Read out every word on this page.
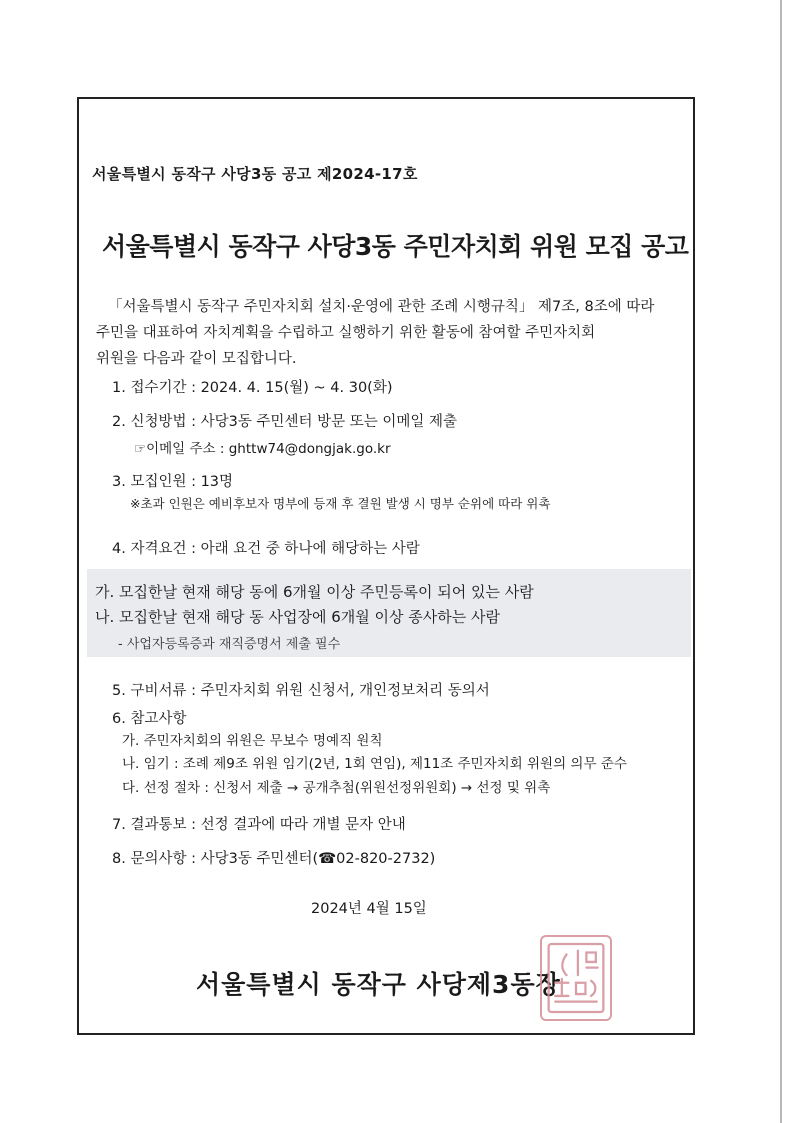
서울특별시 동작구 사당3동 공고 제2024-17호
서울특별시 동작구 사당3동 주민자치회 위원 모집 공고
「서울특별시 동작구 주민자치회 설치·운영에 관한 조례 시행규칙」 제7조, 8조에 따라
주민을 대표하여 자치계획을 수립하고 실행하기 위한 활동에 참여할 주민자치회
위원을 다음과 같이 모집합니다.
1. 접수기간 : 2024. 4. 15(월) ~ 4. 30(화)
2. 신청방법 : 사당3동 주민센터 방문 또는 이메일 제출
☞이메일 주소 : ghttw74@dongjak.go.kr
3. 모집인원 : 13명
※초과 인원은 예비후보자 명부에 등재 후 결원 발생 시 명부 순위에 따라 위촉
4. 자격요건 : 아래 요건 중 하나에 해당하는 사람
가. 모집한날 현재 해당 동에 6개월 이상 주민등록이 되어 있는 사람
나. 모집한날 현재 해당 동 사업장에 6개월 이상 종사하는 사람
- 사업자등록증과 재직증명서 제출 필수
5. 구비서류 : 주민자치회 위원 신청서, 개인정보처리 동의서
6. 참고사항
가. 주민자치회의 위원은 무보수 명예직 원칙
나. 임기 : 조례 제9조 위원 임기(2년, 1회 연임), 제11조 주민자치회 위원의 의무 준수
다. 선정 절차 : 신청서 제출 → 공개추첨(위원선정위원회) → 선정 및 위촉
7. 결과통보 : 선정 결과에 따라 개별 문자 안내
8. 문의사항 : 사당3동 주민센터(☎02-820-2732)
2024년 4월 15일
서울특별시 동작구 사당제3동장
